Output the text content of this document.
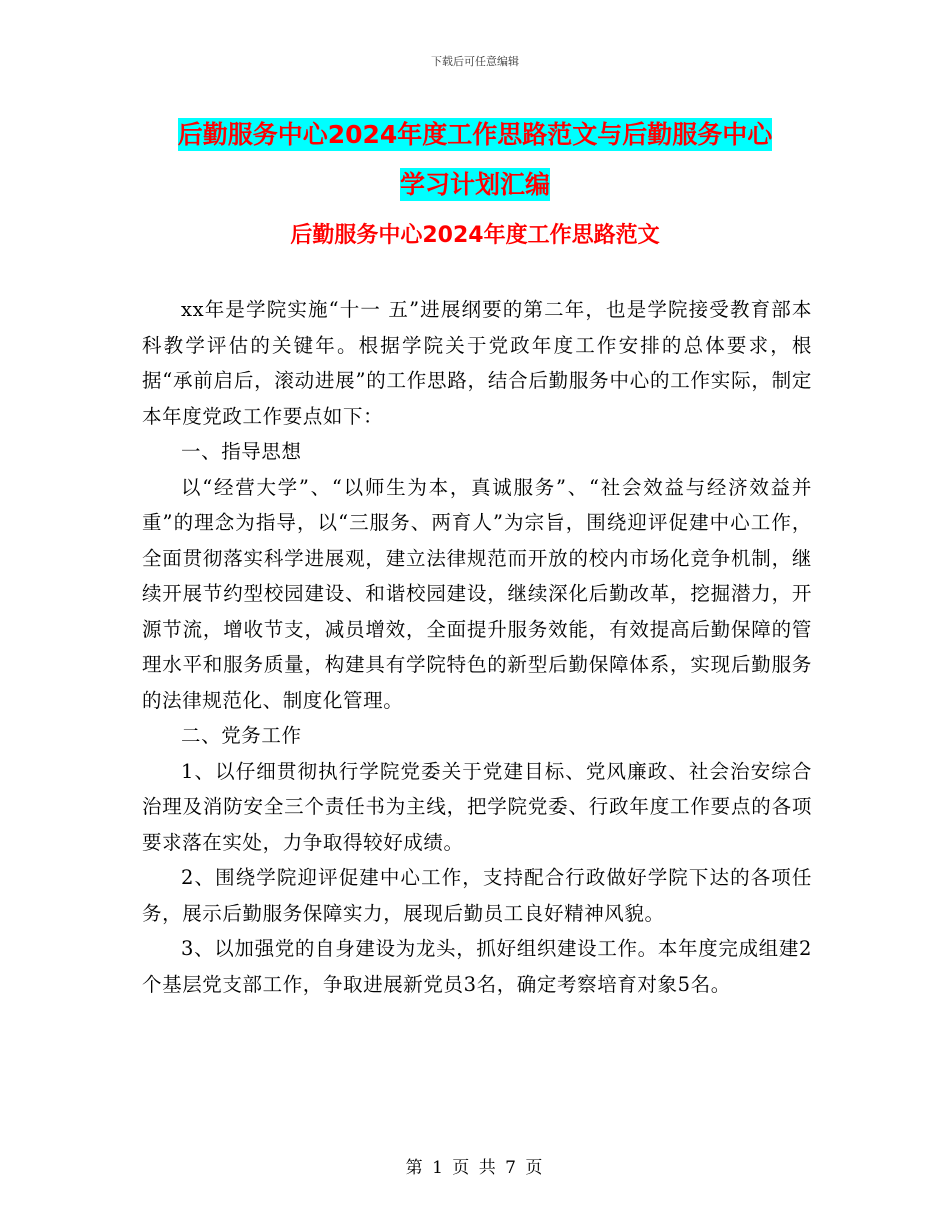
下载后可任意编辑
后勤服务中心2024年度工作思路范文与后勤服务中心
学习计划汇编
后勤服务中心2024年度工作思路范文

xx年是学院实施“十一 五”进展纲要的第二年，也是学院接受教育部本科教学评估的关键年。根据学院关于党政年度工作安排的总体要求，根据“承前启后，滚动进展”的工作思路，结合后勤服务中心的工作实际，制定本年度党政工作要点如下：

一、指导思想

以“经营大学”、“以师生为本，真诚服务”、“社会效益与经济效益并重”的理念为指导，以“三服务、两育人”为宗旨，围绕迎评促建中心工作，全面贯彻落实科学进展观，建立法律规范而开放的校内市场化竞争机制，继续开展节约型校园建设、和谐校园建设，继续深化后勤改革，挖掘潜力，开源节流，增收节支，减员增效，全面提升服务效能，有效提高后勤保障的管理水平和服务质量，构建具有学院特色的新型后勤保障体系，实现后勤服务的法律规范化、制度化管理。

二、党务工作

1、以仔细贯彻执行学院党委关于党建目标、党风廉政、社会治安综合治理及消防安全三个责任书为主线，把学院党委、行政年度工作要点的各项要求落在实处，力争取得较好成绩。

2、围绕学院迎评促建中心工作，支持配合行政做好学院下达的各项任务，展示后勤服务保障实力，展现后勤员工良好精神风貌。

3、以加强党的自身建设为龙头，抓好组织建设工作。本年度完成组建2个基层党支部工作，争取进展新党员3名，确定考察培育对象5名。

第 1 页 共 7 页
